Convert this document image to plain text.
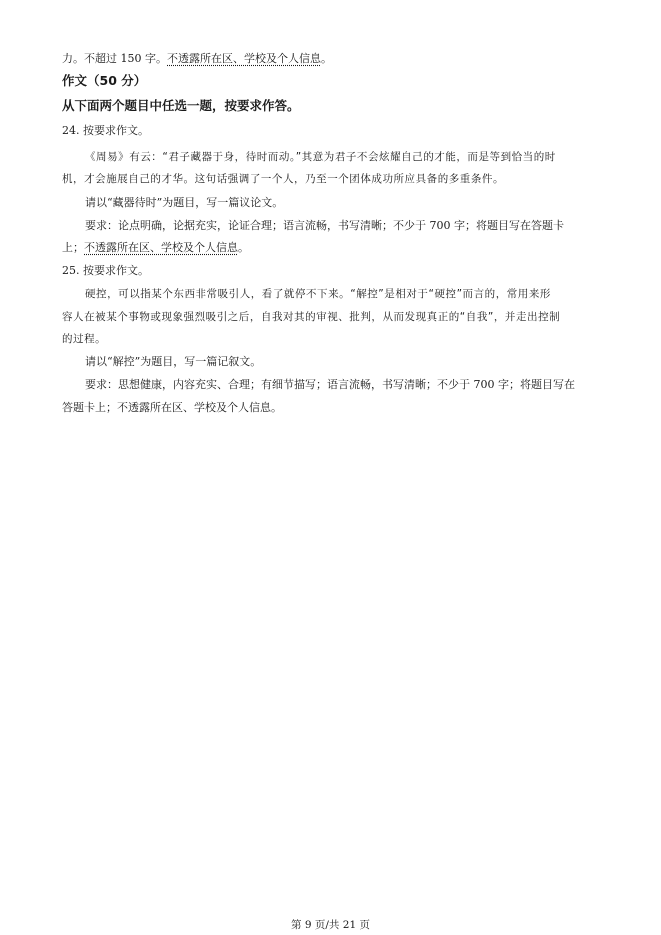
力。不超过 150 字。不透露所在区、学校及个人信息。
作文（50 分）
从下面两个题目中任选一题，按要求作答。
24. 按要求作文。
《周易》有云：“君子藏器于身，待时而动。”其意为君子不会炫耀自己的才能，而是等到恰当的时
机，才会施展自己的才华。这句话强调了一个人，乃至一个团体成功所应具备的多重条件。
请以“藏器待时”为题目，写一篇议论文。
要求：论点明确，论据充实，论证合理；语言流畅，书写清晰；不少于 700 字；将题目写在答题卡
上；不透露所在区、学校及个人信息。
25. 按要求作文。
硬控，可以指某个东西非常吸引人，看了就停不下来。“解控”是相对于“硬控”而言的，常用来形
容人在被某个事物或现象强烈吸引之后，自我对其的审视、批判，从而发现真正的“自我”，并走出控制
的过程。
请以“解控”为题目，写一篇记叙文。
要求：思想健康，内容充实、合理；有细节描写；语言流畅，书写清晰；不少于 700 字；将题目写在
答题卡上；不透露所在区、学校及个人信息。
第 9 页/共 21 页
